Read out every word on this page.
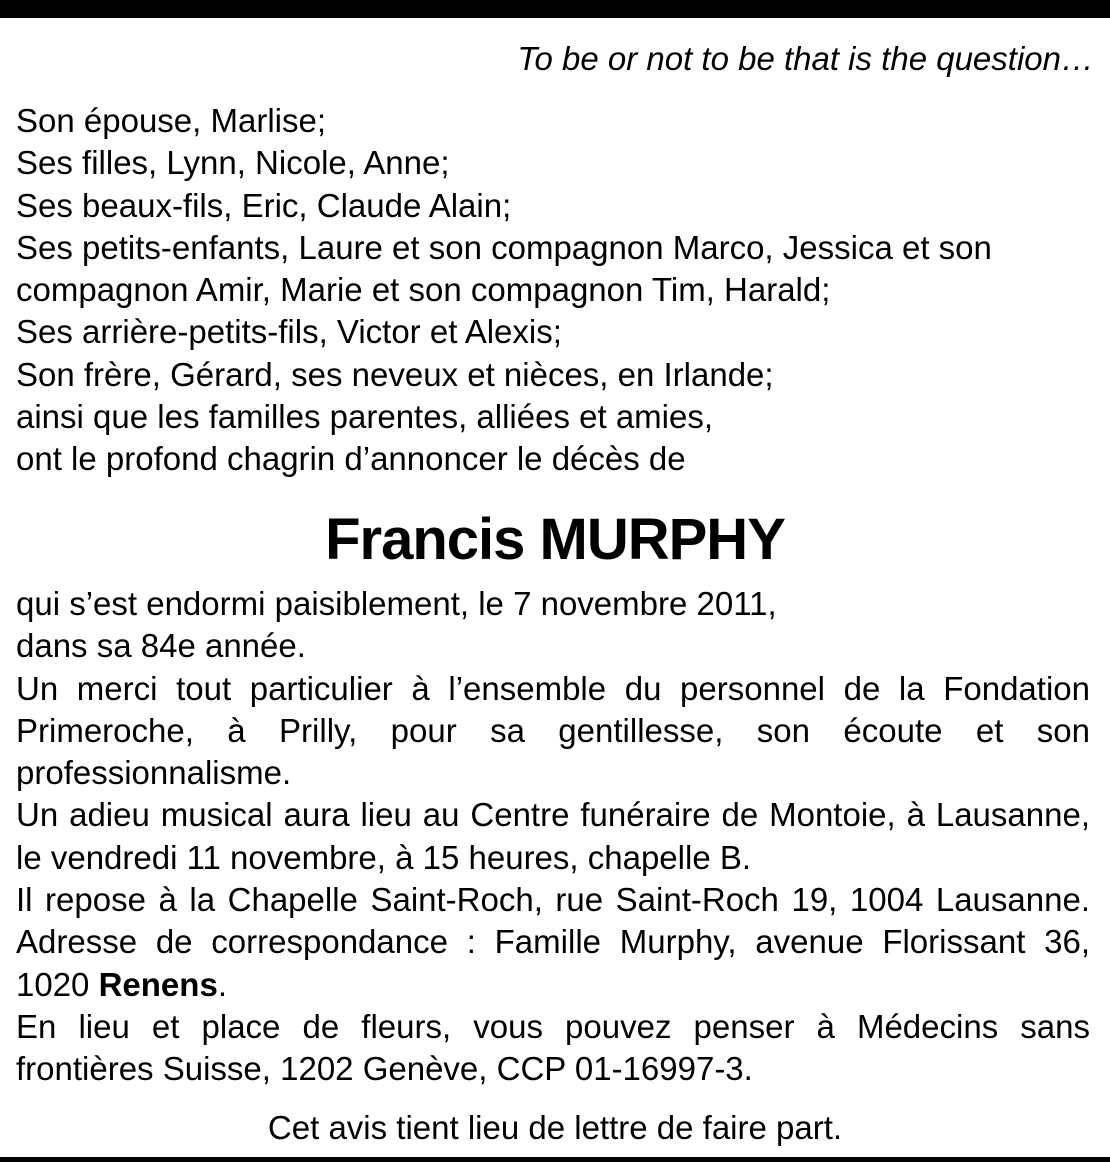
To be or not to be that is the question…
Son épouse, Marlise;
Ses filles, Lynn, Nicole, Anne;
Ses beaux-fils, Eric, Claude Alain;
Ses petits-enfants, Laure et son compagnon Marco, Jessica et son
compagnon Amir, Marie et son compagnon Tim, Harald;
Ses arrière-petits-fils, Victor et Alexis;
Son frère, Gérard, ses neveux et nièces, en Irlande;
ainsi que les familles parentes, alliées et amies,
ont le profond chagrin d’annoncer le décès de
Francis MURPHY
qui s’est endormi paisiblement, le 7 novembre 2011,
dans sa 84e année.
Un merci tout particulier à l’ensemble du personnel de la Fondation Primeroche, à Prilly, pour sa gentillesse, son écoute et son professionnalisme.
Un adieu musical aura lieu au Centre funéraire de Montoie, à Lausanne, le vendredi 11 novembre, à 15 heures, chapelle B.
Il repose à la Chapelle Saint-Roch, rue Saint-Roch 19, 1004 Lausanne.
Adresse de correspondance : Famille Murphy, avenue Florissant 36, 1020 Renens.
En lieu et place de fleurs, vous pouvez penser à Médecins sans frontières Suisse, 1202 Genève, CCP 01-16997-3.
Cet avis tient lieu de lettre de faire part.
